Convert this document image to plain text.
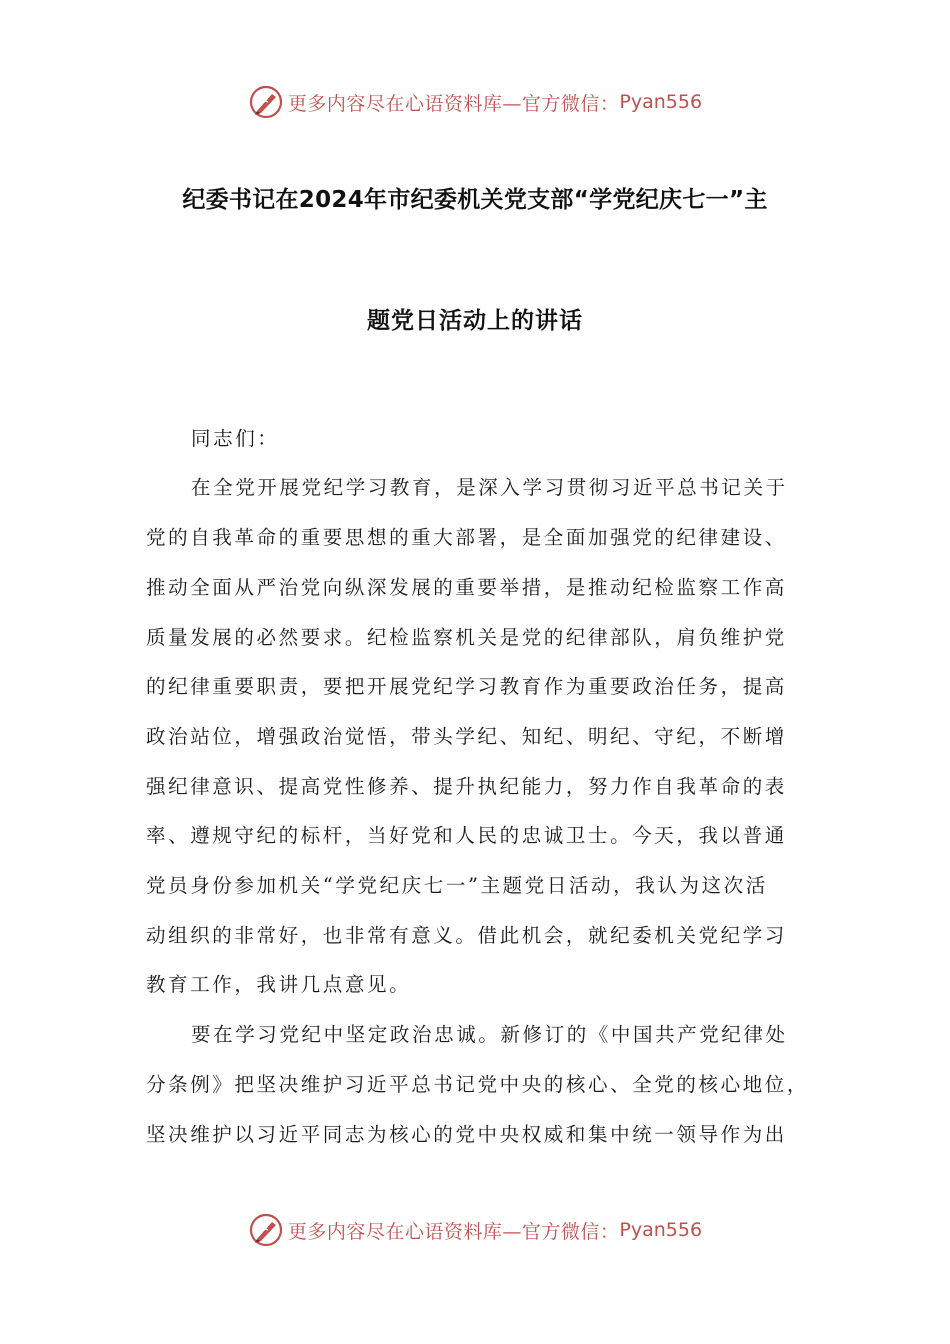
更多内容尽在心语资料库—官方微信： Pyan556
纪委书记在2024年市纪委机关党支部“学党纪庆七一”主
题党日活动上的讲话
同志们：
在全党开展党纪学习教育，是深入学习贯彻习近平总书记关于
党的自我革命的重要思想的重大部署，是全面加强党的纪律建设、
推动全面从严治党向纵深发展的重要举措，是推动纪检监察工作高
质量发展的必然要求。纪检监察机关是党的纪律部队，肩负维护党
的纪律重要职责，要把开展党纪学习教育作为重要政治任务，提高
政治站位，增强政治觉悟，带头学纪、知纪、明纪、守纪，不断增
强纪律意识、提高党性修养、提升执纪能力，努力作自我革命的表
率、遵规守纪的标杆，当好党和人民的忠诚卫士。今天，我以普通
党员身份参加机关“学党纪庆七一”主题党日活动，我认为这次活
动组织的非常好，也非常有意义。借此机会，就纪委机关党纪学习
教育工作，我讲几点意见。
要在学习党纪中坚定政治忠诚。新修订的《中国共产党纪律处
分条例》把坚决维护习近平总书记党中央的核心、全党的核心地位，
坚决维护以习近平同志为核心的党中央权威和集中统一领导作为出
更多内容尽在心语资料库—官方微信： Pyan556
